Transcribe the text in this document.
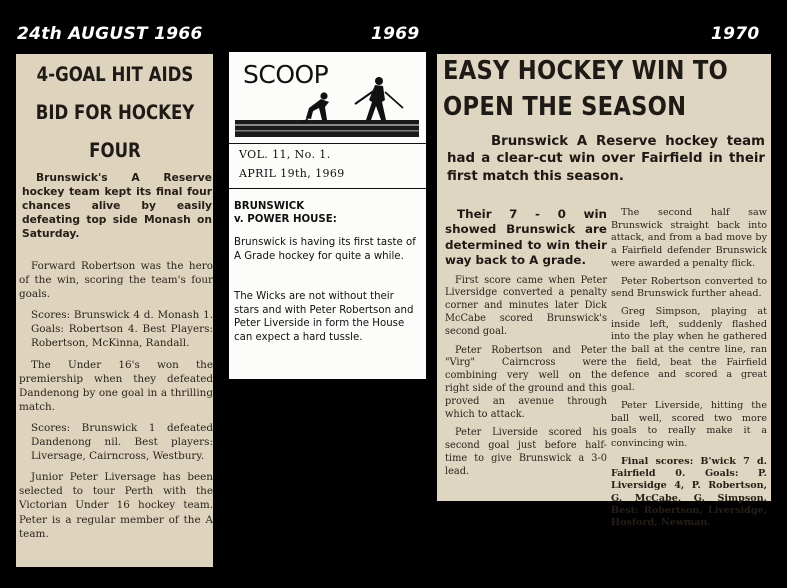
24th AUGUST 1966	1969	1970
4-GOAL HIT AIDS BID FOR HOCKEY FOUR
Brunswick's A Reserve hockey team kept its final four chances alive by easily defeating top side Monash on Saturday.

Forward Robertson was the hero of the win, scoring the team's four goals.

Scores: Brunswick 4 d. Monash 1. Goals: Robertson 4. Best Players: Robertson, McKinna, Randall.

The Under 16's won the premiership when they defeated Dandenong by one goal in a thrilling match.

Scores: Brunswick 1 defeated Dandenong nil. Best players: Liversage, Cairncross, Westbury.

Junior Peter Liversage has been selected to tour Perth with the Victorian Under 16 hockey team. Peter is a regular member of the A team.

SCOOP
VOL. 11, No. 1.
APRIL 19th, 1969
BRUNSWICK
v. POWER HOUSE:
Brunswick is having its first taste of A Grade hockey for quite a while.
The Wicks are not without their stars and with Peter Robertson and Peter Liverside in form the House can expect a hard tussle.
EASY HOCKEY WIN TO
OPEN THE SEASON
Brunswick A Reserve hockey team had a clear-cut win over Fairfield in their first match this season.
Their 7 - 0 win showed Brunswick are determined to win their way back to A grade.

First score came when Peter Liversidge converted a penalty corner and minutes later Dick McCabe scored Brunswick's second goal.

Peter Robertson and Peter "Virg" Cairncross were combining very well on the right side of the ground and this proved an avenue through which to attack.

Peter Liverside scored his second goal just before half-time to give Brunswick a 3-0 lead.

The second half saw Brunswick straight back into attack, and from a bad move by a Fairfield defender Brunswick were awarded a penalty flick.

Peter Robertson converted to send Brunswick further ahead.

Greg Simpson, playing at inside left, suddenly flashed into the play when he gathered the ball at the centre line, ran the field, beat the Fairfield defence and scored a great goal.

Peter Liverside, hitting the ball well, scored two more goals to really make it a convincing win.

Final scores: B'wick 7 d. Fairfield 0. Goals: P. Liversidge 4, P. Robertson, G. McCabe, G. Simpson. Best: Robertson, Liversidge, Hosford, Newman.
